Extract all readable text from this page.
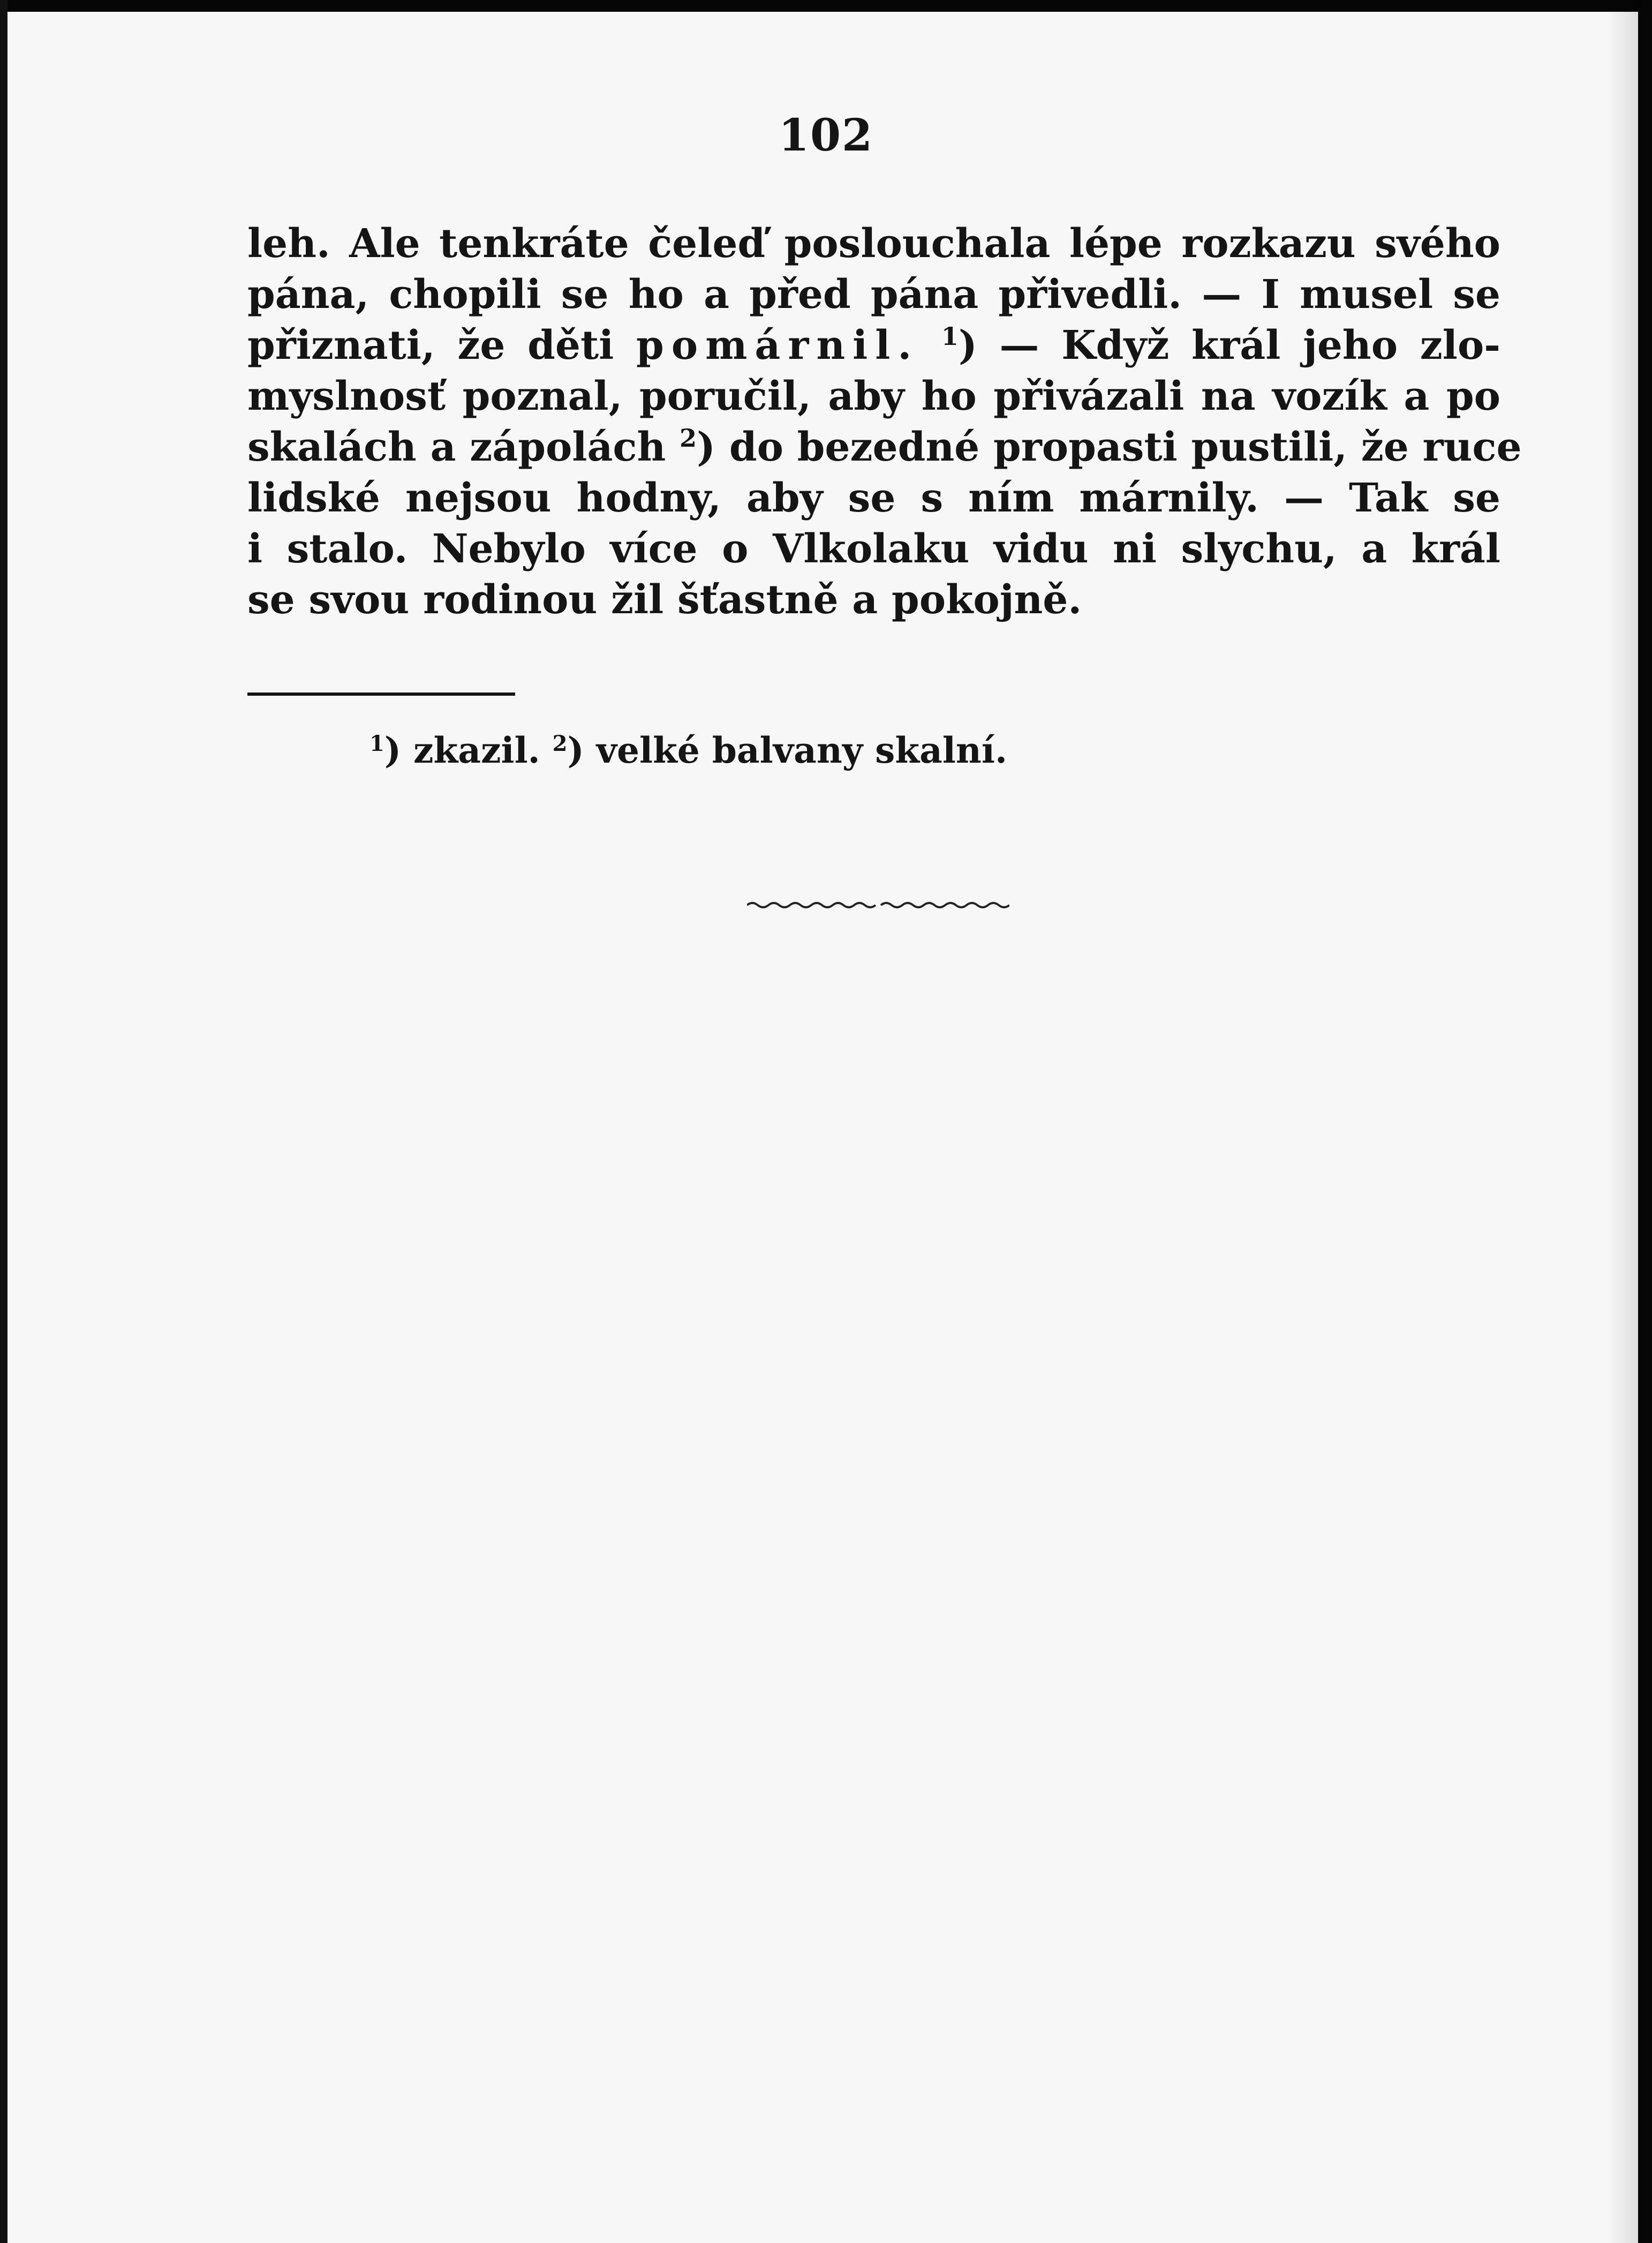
102
leh. Ale tenkráte čeleď poslouchala lépe rozkazu svého
pána, chopili se ho a před pána přivedli. — I musel se
přiznati, že děti pomárnil. $^1$) — Když král jeho zlo-
myslnosť poznal, poručil, aby ho přivázali na vozík a po
skalách a zápolách $^2$) do bezedné propasti pustili, že ruce
lidské nejsou hodny, aby se s ním márnily. — Tak se
i stalo. Nebylo více o Vlkolaku vidu ni slychu, a král
se svou rodinou žil šťastně a pokojně.
$^1$) zkazil. $^2$) velké balvany skalní.
